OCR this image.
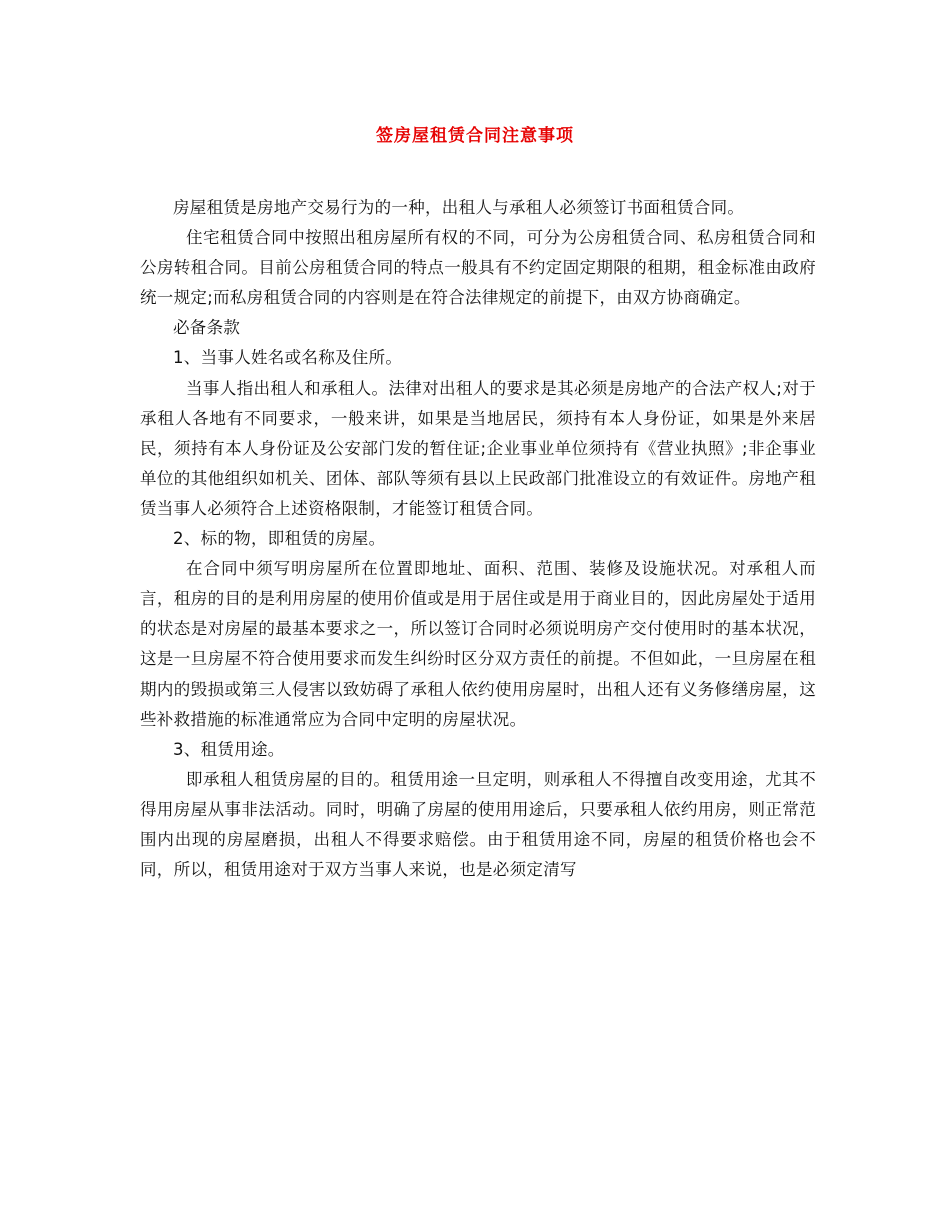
签房屋租赁合同注意事项

房屋租赁是房地产交易行为的一种，出租人与承租人必须签订书面租赁合同。

住宅租赁合同中按照出租房屋所有权的不同，可分为公房租赁合同、私房租赁合同和公房转租合同。目前公房租赁合同的特点一般具有不约定固定期限的租期，租金标准由政府统一规定;而私房租赁合同的内容则是在符合法律规定的前提下，由双方协商确定。

必备条款

1、当事人姓名或名称及住所。

当事人指出租人和承租人。法律对出租人的要求是其必须是房地产的合法产权人;对于承租人各地有不同要求，一般来讲，如果是当地居民，须持有本人身份证，如果是外来居民，须持有本人身份证及公安部门发的暂住证;企业事业单位须持有《营业执照》;非企事业单位的其他组织如机关、团体、部队等须有县以上民政部门批准设立的有效证件。房地产租赁当事人必须符合上述资格限制，才能签订租赁合同。

2、标的物，即租赁的房屋。

在合同中须写明房屋所在位置即地址、面积、范围、装修及设施状况。对承租人而言，租房的目的是利用房屋的使用价值或是用于居住或是用于商业目的，因此房屋处于适用的状态是对房屋的最基本要求之一，所以签订合同时必须说明房产交付使用时的基本状况，这是一旦房屋不符合使用要求而发生纠纷时区分双方责任的前提。不但如此，一旦房屋在租期内的毁损或第三人侵害以致妨碍了承租人依约使用房屋时，出租人还有义务修缮房屋，这些补救措施的标准通常应为合同中定明的房屋状况。

3、租赁用途。

即承租人租赁房屋的目的。租赁用途一旦定明，则承租人不得擅自改变用途，尤其不得用房屋从事非法活动。同时，明确了房屋的使用用途后，只要承租人依约用房，则正常范围内出现的房屋磨损，出租人不得要求赔偿。由于租赁用途不同，房屋的租赁价格也会不同，所以，租赁用途对于双方当事人来说，也是必须定清写
